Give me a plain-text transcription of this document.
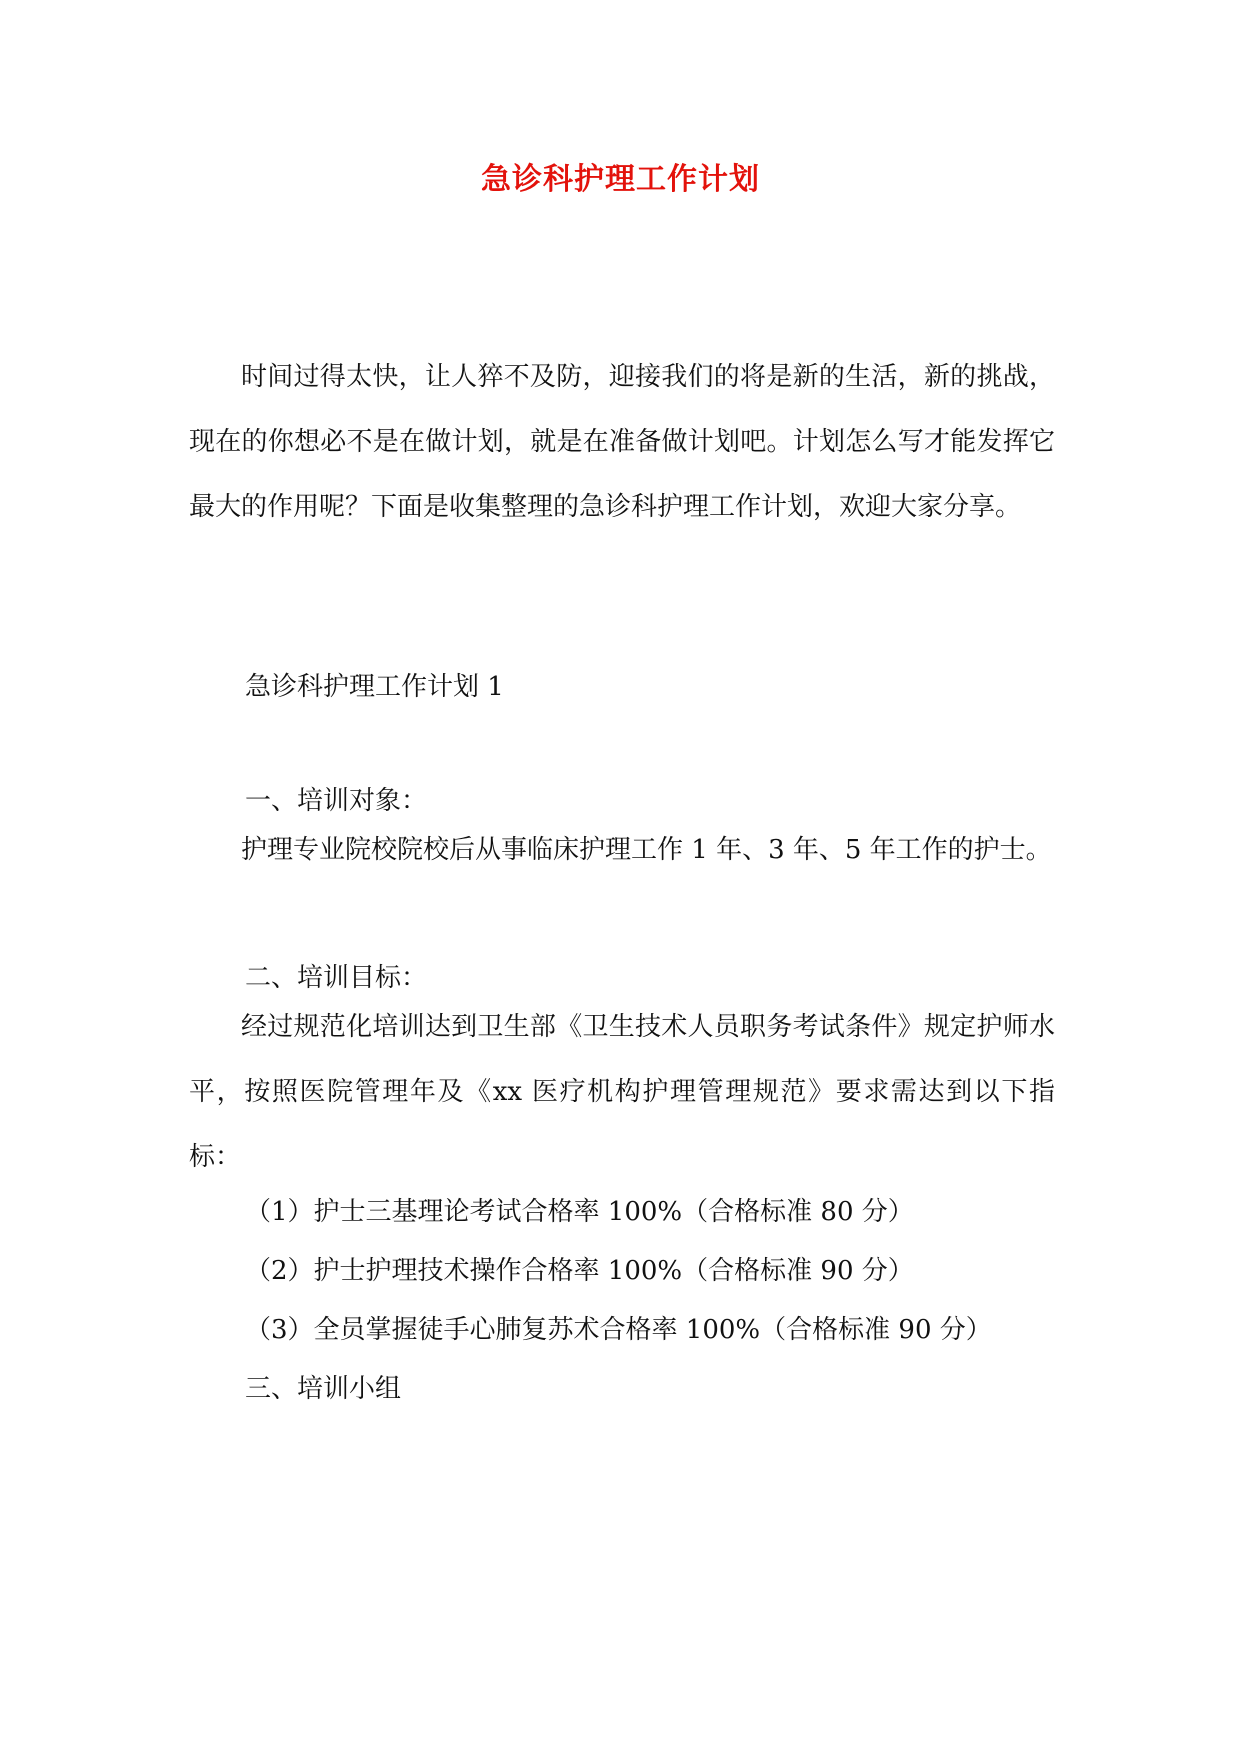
急诊科护理工作计划

时间过得太快，让人猝不及防，迎接我们的将是新的生活，新的挑战，现在的你想必不是在做计划，就是在准备做计划吧。计划怎么写才能发挥它最大的作用呢？下面是收集整理的急诊科护理工作计划，欢迎大家分享。

急诊科护理工作计划 1
一、培训对象：

护理专业院校院校后从事临床护理工作 1 年、3 年、5 年工作的护士。

二、培训目标：

经过规范化培训达到卫生部《卫生技术人员职务考试条件》规定护师水平，按照医院管理年及《xx 医疗机构护理管理规范》要求需达到以下指标：

（1）护士三基理论考试合格率 100%（合格标准 80 分）
（2）护士护理技术操作合格率 100%（合格标准 90 分）
（3）全员掌握徒手心肺复苏术合格率 100%（合格标准 90 分）
三、培训小组
